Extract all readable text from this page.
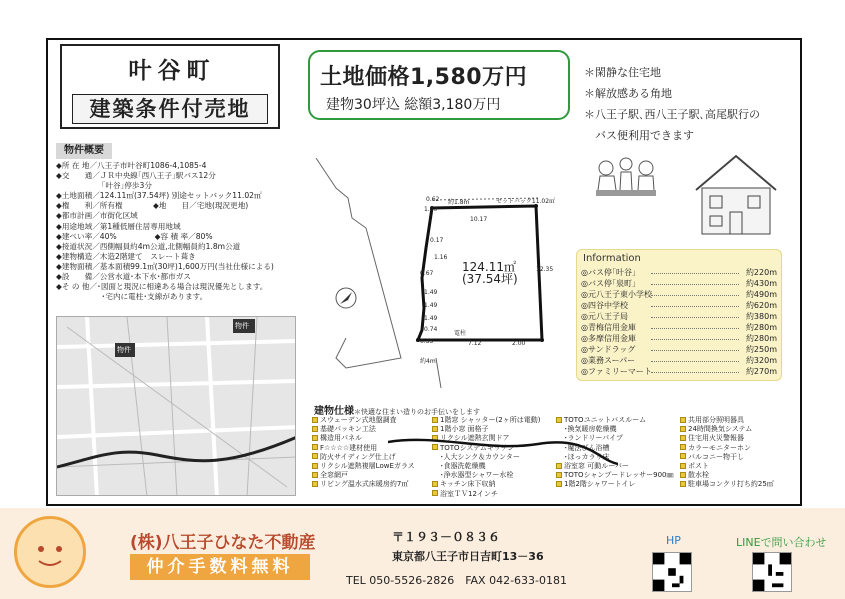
叶谷町
建築条件付売地
物件概要
◆所 在 地／八王子市叶谷町1086-4,1085-4
◆交　　通／ＪＲ中央線｢西八王子｣駅バス12分
　　　　　　｢叶谷｣停歩3分
◆土地面積／124.11㎡(37.54坪) 別途セットバック11.02㎡
◆権　　利／所有権　　　　◆地　　目／宅地(現況更地)
◆都市計画／市街化区域
◆用途地域／第1種低層住居専用地域
◆建ぺい率／40%　　　　　◆容 積 率／80%
◆接道状況／西側幅員約4m公道,北側幅員約1.8m公道
◆建物構造／木造2階建て　スレート葺き
◆建物面積／基本面積99.1㎡(30坪)1,600万円(当社仕様による)
◆設　　備／公営水道･本下水･都市ガス
◆そ の 他／･図面と現況に相違ある場合は現況優先とします。
　　　　　　･宅内に電柱･支線があります。
物件
物件
土地価格1,580万円
建物30坪込 総額3,180万円
＊閑静な住宅地
＊解放感ある角地
＊八王子駅､西八王子駅､高尾駅行の
　バス便利用できます
124.11㎡
(37.54坪)
セットバック11.02㎡
約1.8m
約4m
電柱
10.17
12.35
7.12	2.00
1.00
0.17
1.16
0.67
1.49
1.49
1.49
0.74
0.35
0.62
Information
◎バス停｢叶谷｣	約220m
◎バス停｢泉町｣	約430m
◎元八王子東小学校	約490m
◎四谷中学校	約620m
◎元八王子局	約380m
◎青梅信用金庫	約280m
◎多摩信用金庫	約280m
◎サンドラッグ	約250m
◎業務スーパー	約320m
◎ファミリーマート	約270m
建物仕様＊快適な住まい造りのお手伝いをします
スウェーデン式地盤調査
基礎パッキン工法
構造用パネル
F☆☆☆☆建材使用
防火サイディング仕上げ
リクシル遮熱複層LowEガラス
全窓網戸
リビング温水式床暖房約7㎡
1階窓 シャッター(2ヶ所は電動)
1階小窓 面格子
リクシル遮熱玄関ドア
TOTOシステムキッチン
･人大シンク＆カウンター
･食器洗乾燥機
･浄水器型シャワー水栓
キッチン床下収納
浴室ＴＶ12インチ
TOTOユニットバスルーム
･換気暖房乾燥機
･ランドリーパイプ
･魔法びん浴槽
･ほっカラリ床
浴室窓 可動ルーバー
TOTOシャンプードレッサー900㎜
1階2階シャワートイレ
共用部分照明器具
24時間換気システム
住宅用火災警報器
カラーモニターホン
バルコニー物干し
ポスト
散水栓
駐車場コンクリ打ち約25㎡
(株)八王子ひなた不動産
仲介手数料無料
〒１９３－０８３６
東京都八王子市日吉町13－36
TEL 050-5526-2826　FAX 042-633-0181
HP	LINEで問い合わせ
